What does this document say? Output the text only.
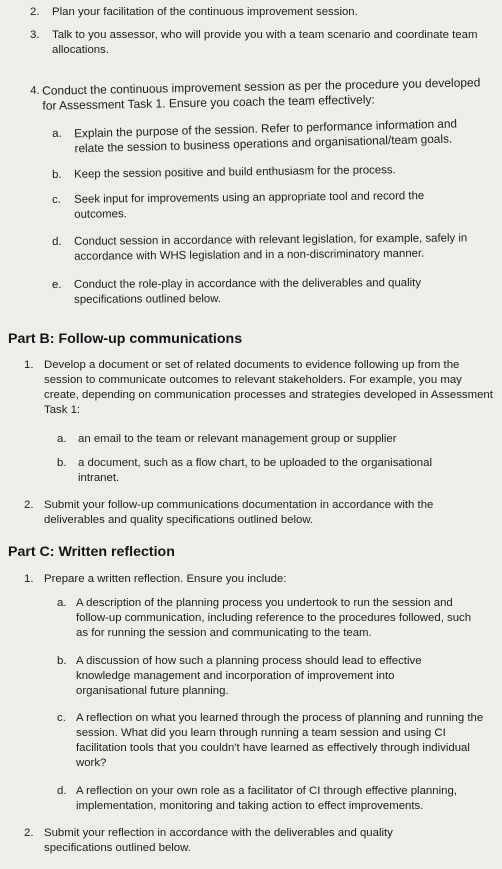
2.	Plan your facilitation of the continuous improvement session.
3.	Talk to you assessor, who will provide you with a team scenario and coordinate team allocations.
4. Conduct the continuous improvement session as per the procedure you developed for Assessment Task 1. Ensure you coach the team effectively:
a.	Explain the purpose of the session. Refer to performance information and relate the session to business operations and organisational/team goals.
b.	Keep the session positive and build enthusiasm for the process.
c.	Seek input for improvements using an appropriate tool and record the outcomes.
d.	Conduct session in accordance with relevant legislation, for example, safely in accordance with WHS legislation and in a non-discriminatory manner.
e.	Conduct the role-play in accordance with the deliverables and quality specifications outlined below.
Part B: Follow-up communications
1. Develop a document or set of related documents to evidence following up from the session to communicate outcomes to relevant stakeholders. For example, you may create, depending on communication processes and strategies developed in Assessment Task 1:
a.	an email to the team or relevant management group or supplier
b.	a document, such as a flow chart, to be uploaded to the organisational intranet.
2. Submit your follow-up communications documentation in accordance with the deliverables and quality specifications outlined below.
Part C: Written reflection
1. Prepare a written reflection. Ensure you include:
a. A description of the planning process you undertook to run the session and follow-up communication, including reference to the procedures followed, such as for running the session and communicating to the team.
b. A discussion of how such a planning process should lead to effective knowledge management and incorporation of improvement into organisational future planning.
c. A reflection on what you learned through the process of planning and running the session. What did you learn through running a team session and using CI facilitation tools that you couldn't have learned as effectively through individual work?
d. A reflection on your own role as a facilitator of CI through effective planning, implementation, monitoring and taking action to effect improvements.
2. Submit your reflection in accordance with the deliverables and quality specifications outlined below.
